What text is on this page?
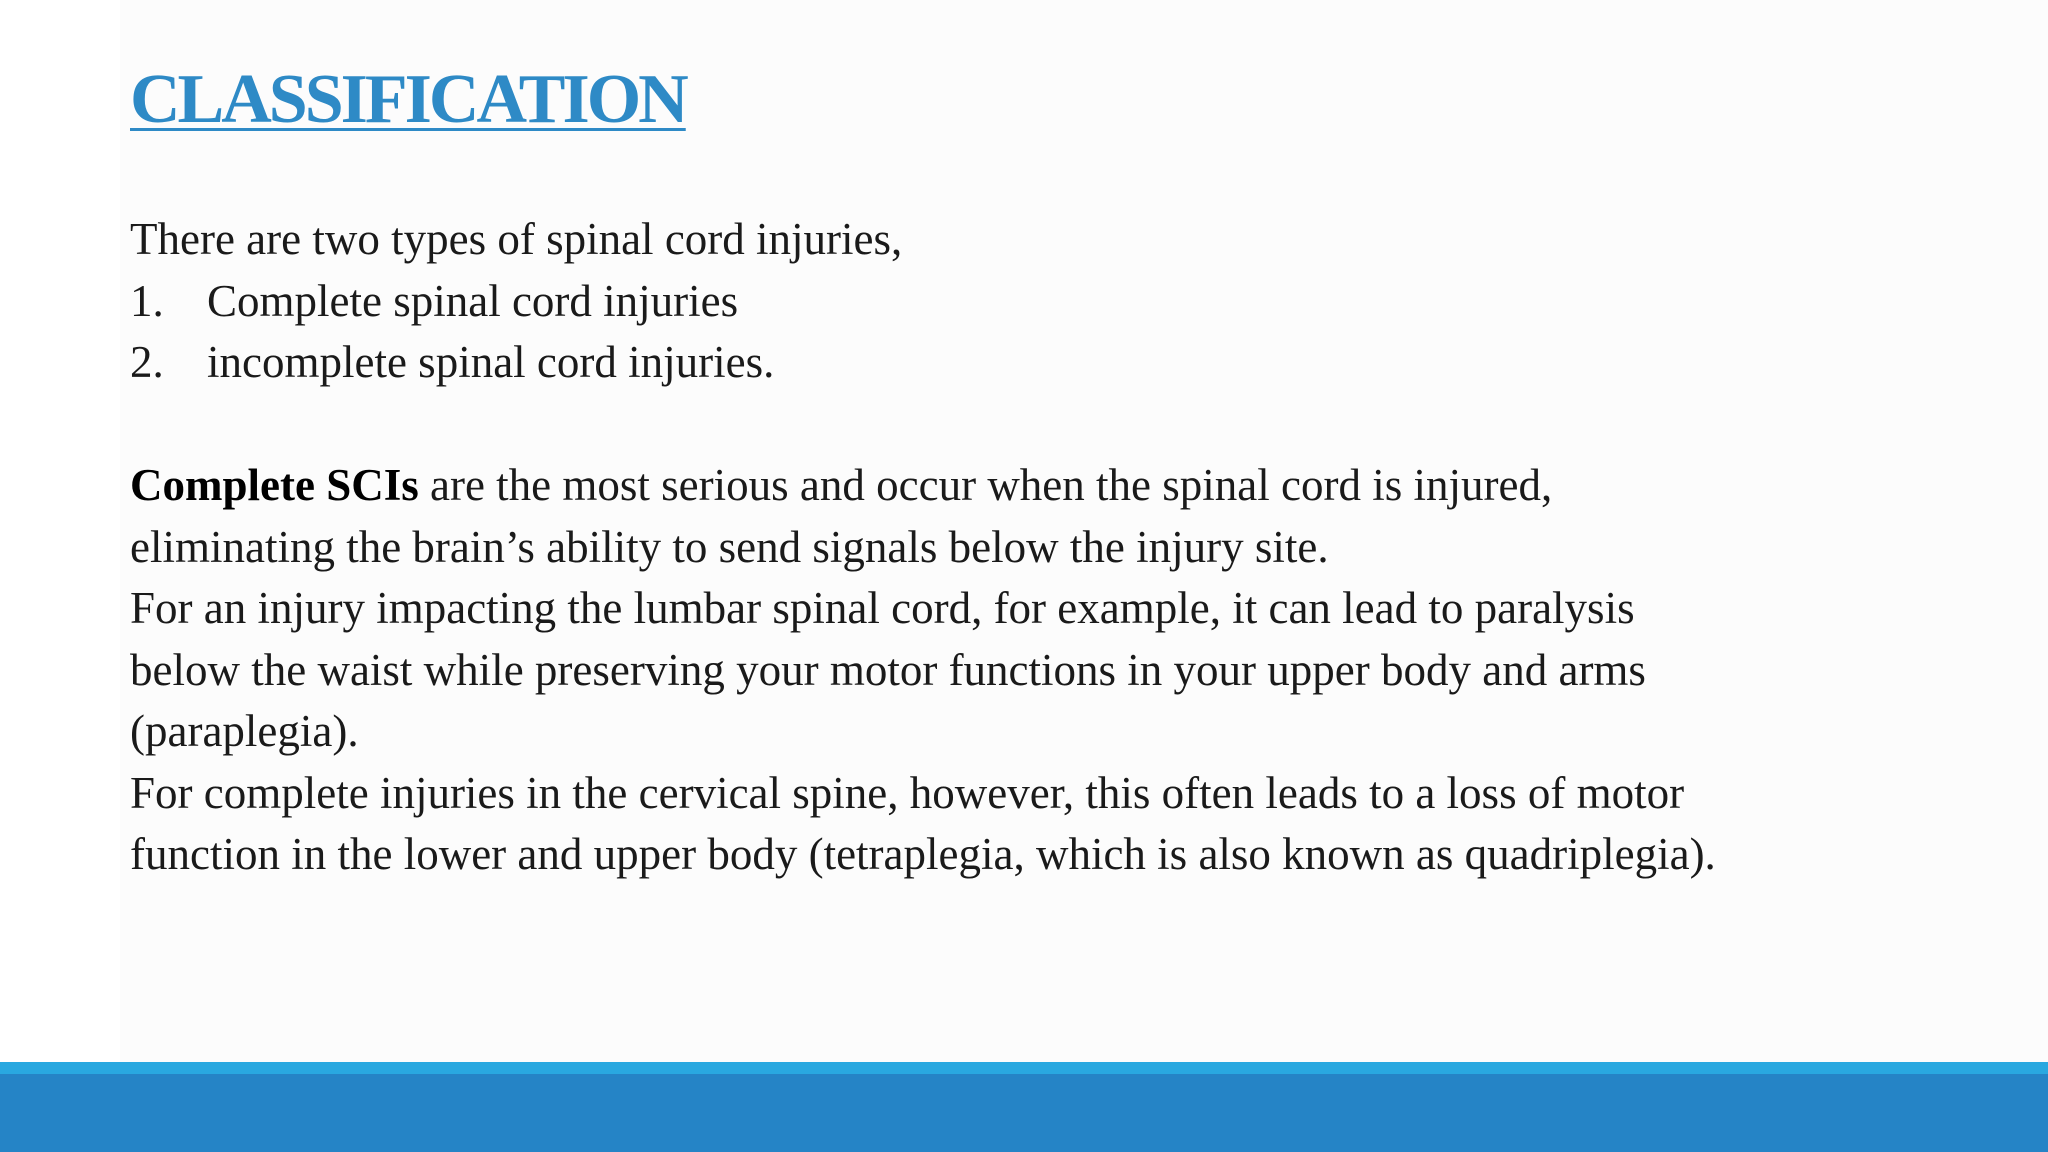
CLASSIFICATION

There are two types of spinal cord injuries,

1. Complete spinal cord injuries
2. incomplete spinal cord injuries.

Complete SCIs are the most serious and occur when the spinal cord is injured,

eliminating the brain’s ability to send signals below the injury site.

For an injury impacting the lumbar spinal cord, for example, it can lead to paralysis

below the waist while preserving your motor functions in your upper body and arms

(paraplegia).

For complete injuries in the cervical spine, however, this often leads to a loss of motor

function in the lower and upper body (tetraplegia, which is also known as quadriplegia).
